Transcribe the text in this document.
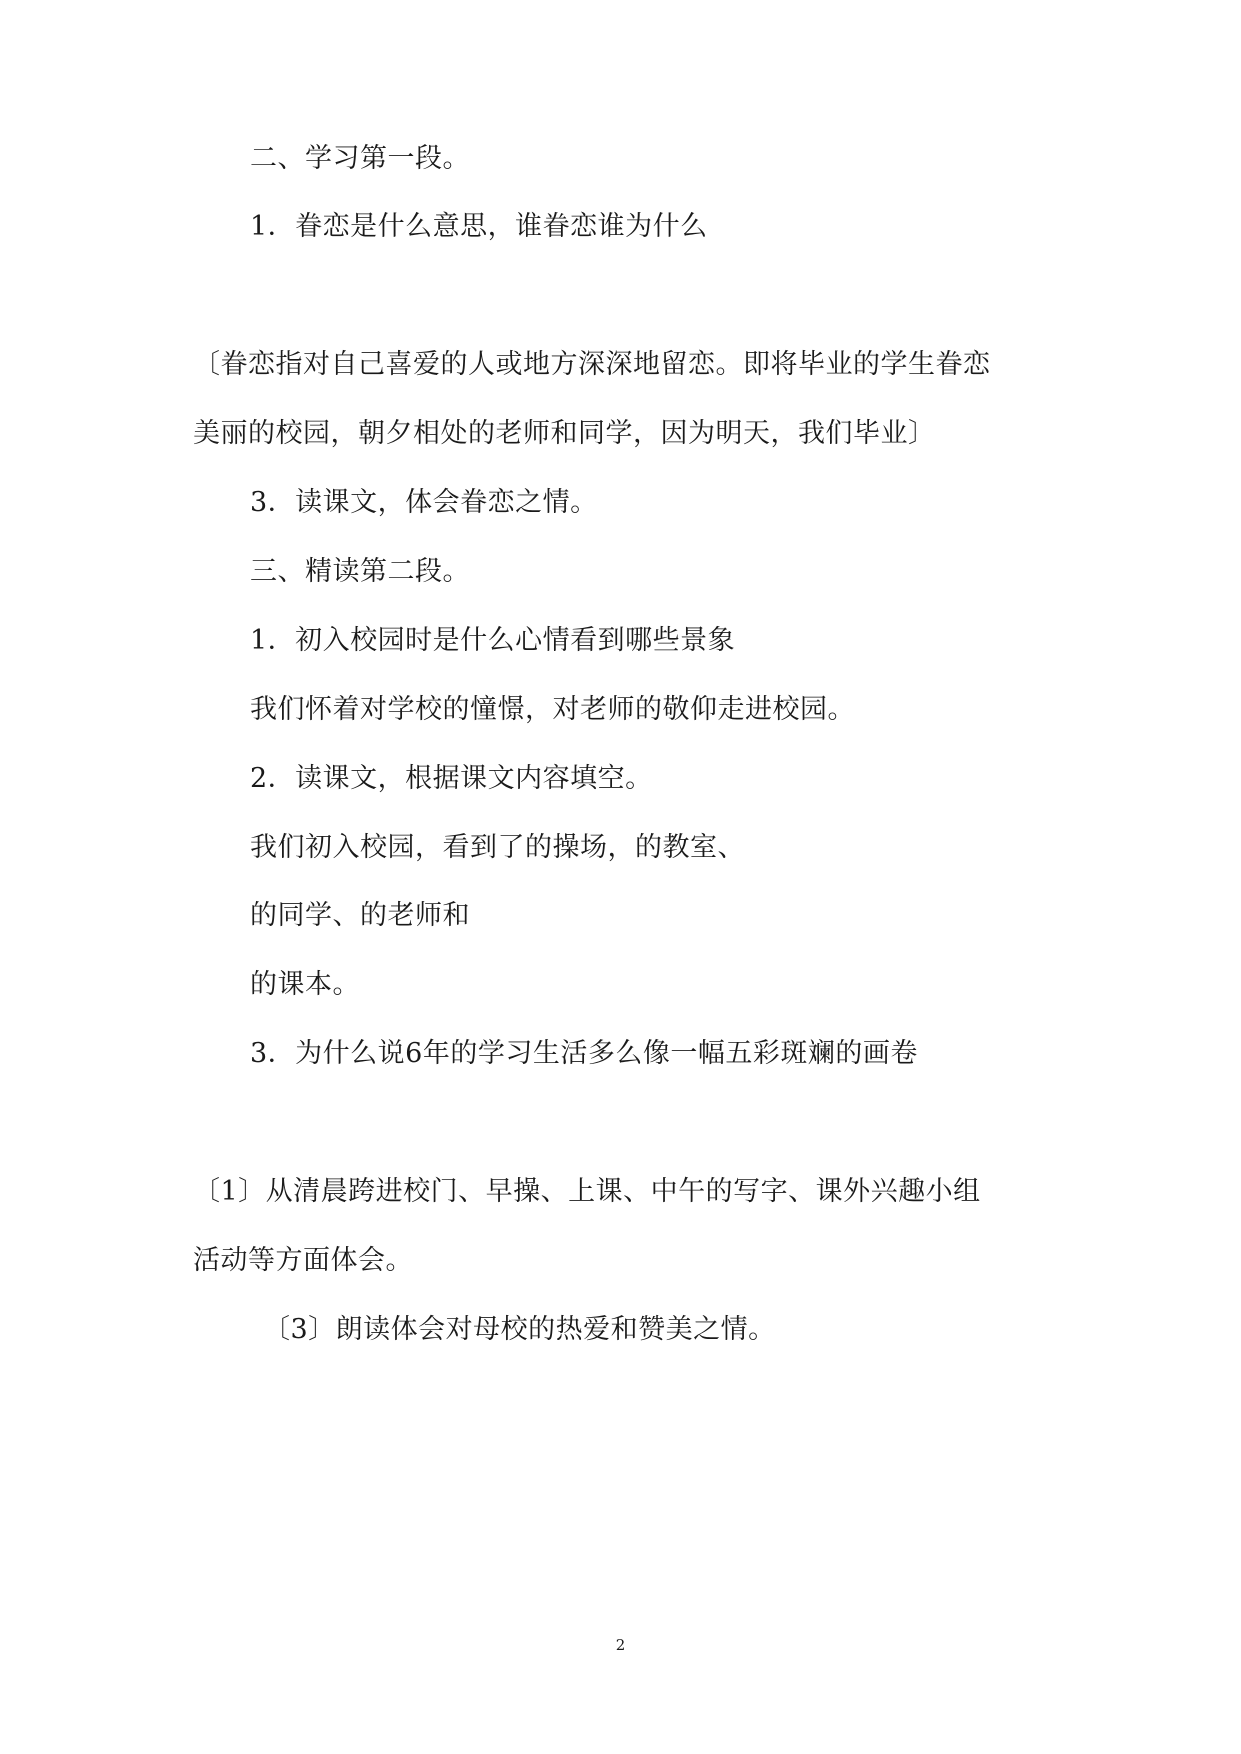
二、学习第一段。
1．眷恋是什么意思，谁眷恋谁为什么
〔眷恋指对自己喜爱的人或地方深深地留恋。即将毕业的学生眷恋
美丽的校园，朝夕相处的老师和同学，因为明天，我们毕业〕
3．读课文，体会眷恋之情。
三、精读第二段。
1．初入校园时是什么心情看到哪些景象
我们怀着对学校的憧憬，对老师的敬仰走进校园。
2．读课文，根据课文内容填空。
我们初入校园，看到了的操场，的教室、
的同学、的老师和
的课本。
3．为什么说6年的学习生活多么像一幅五彩斑斓的画卷
〔1〕从清晨跨进校门、早操、上课、中午的写字、课外兴趣小组
活动等方面体会。
〔3〕朗读体会对母校的热爱和赞美之情。
2
